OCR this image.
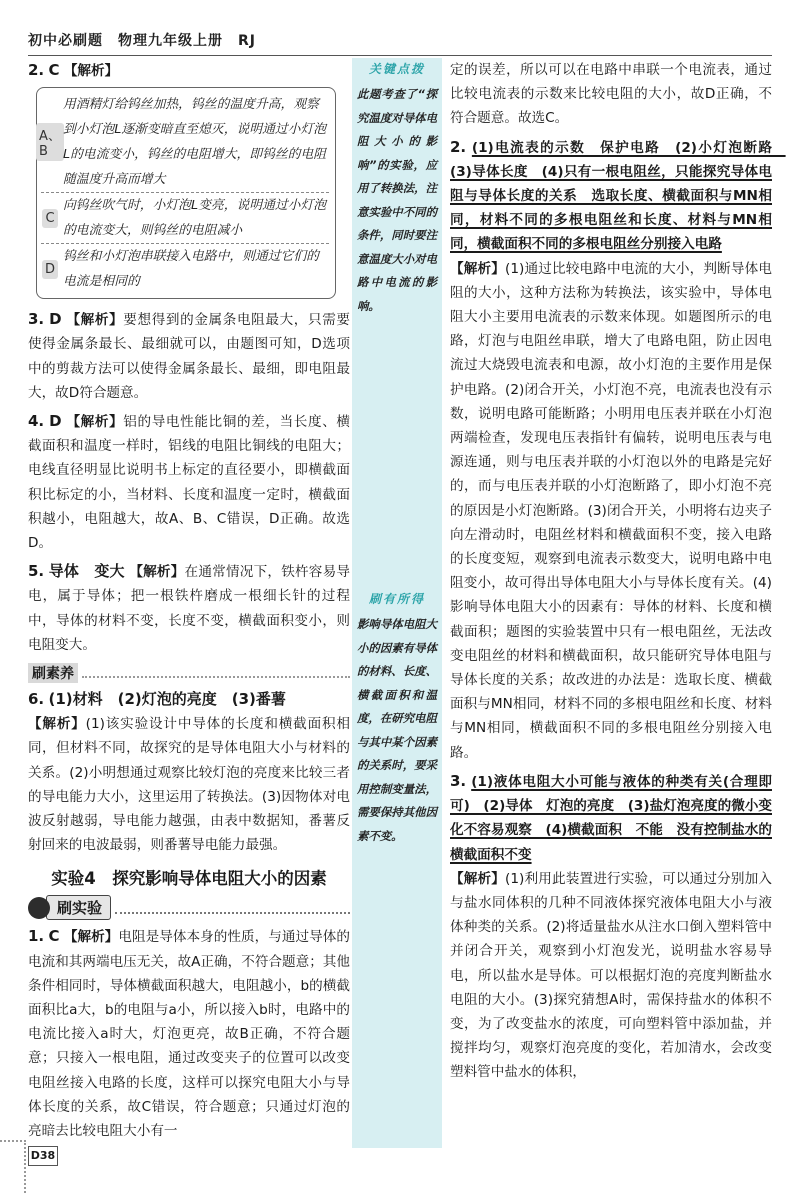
初中必刷题　物理九年级上册　RJ

2. C 【解析】

A、B
用酒精灯给钨丝加热，钨丝的温度升高，观察到小灯泡L逐渐变暗直至熄灭，说明通过小灯泡L的电流变小，钨丝的电阻增大，即钨丝的电阻随温度升高而增大
C
向钨丝吹气时，小灯泡L变亮，说明通过小灯泡的电流变大，则钨丝的电阻减小
D
钨丝和小灯泡串联接入电路中，则通过它们的电流是相同的

3. D 【解析】要想得到的金属条电阻最大，只需要使得金属条最长、最细就可以，由题图可知，D选项中的剪裁方法可以使得金属条最长、最细，即电阻最大，故D符合题意。

4. D 【解析】铝的导电性能比铜的差，当长度、横截面积和温度一样时，铝线的电阻比铜线的电阻大；电线直径明显比说明书上标定的直径要小，即横截面积比标定的小，当材料、长度和温度一定时，横截面积越小，电阻越大，故A、B、C错误，D正确。故选D。

5. 导体　变大 【解析】在通常情况下，铁杵容易导电，属于导体；把一根铁杵磨成一根细长针的过程中，导体的材料不变，长度不变，横截面积变小，则电阻变大。

刷素养

6. (1)材料　(2)灯泡的亮度　(3)番薯

【解析】(1)该实验设计中导体的长度和横截面积相同，但材料不同，故探究的是导体电阻大小与材料的关系。(2)小明想通过观察比较灯泡的亮度来比较三者的导电能力大小，这里运用了转换法。(3)因物体对电波反射越弱，导电能力越强，由表中数据知，番薯反射回来的电波最弱，则番薯导电能力最强。

实验4　探究影响导体电阻大小的因素
刷实验

1. C 【解析】电阻是导体本身的性质，与通过导体的电流和其两端电压无关，故A正确，不符合题意；其他条件相同时，导体横截面积越大，电阻越小，b的横截面积比a大，b的电阻与a小，所以接入b时，电路中的电流比接入a时大，灯泡更亮，故B正确，不符合题意；只接入一根电阻，通过改变夹子的位置可以改变电阻丝接入电路的长度，这样可以探究电阻大小与导体长度的关系，故C错误，符合题意；只通过灯泡的亮暗去比较电阻大小有一

关键点拨
此题考查了“探究温度对导体电阻大小的影响”的实验，应用了转换法，注意实验中不同的条件，同时要注意温度大小对电路中电流的影响。
刷有所得
影响导体电阻大小的因素有导体的材料、长度、横截面积和温度，在研究电阻与其中某个因素的关系时，要采用控制变量法，需要保持其他因素不变。

定的误差，所以可以在电路中串联一个电流表，通过比较电流表的示数来比较电阻的大小，故D正确，不符合题意。故选C。

2. (1)电流表的示数　保护电路　(2)小灯泡断路　(3)导体长度　(4)只有一根电阻丝，只能探究导体电阻与导体长度的关系　选取长度、横截面积与MN相同，材料不同的多根电阻丝和长度、材料与MN相同，横截面积不同的多根电阻丝分别接入电路

【解析】(1)通过比较电路中电流的大小，判断导体电阻的大小，这种方法称为转换法，该实验中，导体电阻大小主要用电流表的示数来体现。如题图所示的电路，灯泡与电阻丝串联，增大了电路电阻，防止因电流过大烧毁电流表和电源，故小灯泡的主要作用是保护电路。(2)闭合开关，小灯泡不亮，电流表也没有示数，说明电路可能断路；小明用电压表并联在小灯泡两端检查，发现电压表指针有偏转，说明电压表与电源连通，则与电压表并联的小灯泡以外的电路是完好的，而与电压表并联的小灯泡断路了，即小灯泡不亮的原因是小灯泡断路。(3)闭合开关，小明将右边夹子向左滑动时，电阻丝材料和横截面积不变，接入电路的长度变短，观察到电流表示数变大，说明电路中电阻变小，故可得出导体电阻大小与导体长度有关。(4)影响导体电阻大小的因素有：导体的材料、长度和横截面积；题图的实验装置中只有一根电阻丝，无法改变电阻丝的材料和横截面积，故只能研究导体电阻与导体长度的关系；故改进的办法是：选取长度、横截面积与MN相同，材料不同的多根电阻丝和长度、材料与MN相同，横截面积不同的多根电阻丝分别接入电路。

3. (1)液体电阻大小可能与液体的种类有关(合理即可)　(2)导体　灯泡的亮度　(3)盐灯泡亮度的微小变化不容易观察　(4)横截面积　不能　没有控制盐水的横截面积不变

【解析】(1)利用此装置进行实验，可以通过分别加入与盐水同体积的几种不同液体探究液体电阻大小与液体种类的关系。(2)将适量盐水从注水口倒入塑料管中并闭合开关，观察到小灯泡发光，说明盐水容易导电，所以盐水是导体。可以根据灯泡的亮度判断盐水电阻的大小。(3)探究猜想A时，需保持盐水的体积不变，为了改变盐水的浓度，可向塑料管中添加盐，并搅拌均匀，观察灯泡亮度的变化，若加清水，会改变塑料管中盐水的体积，

D38
